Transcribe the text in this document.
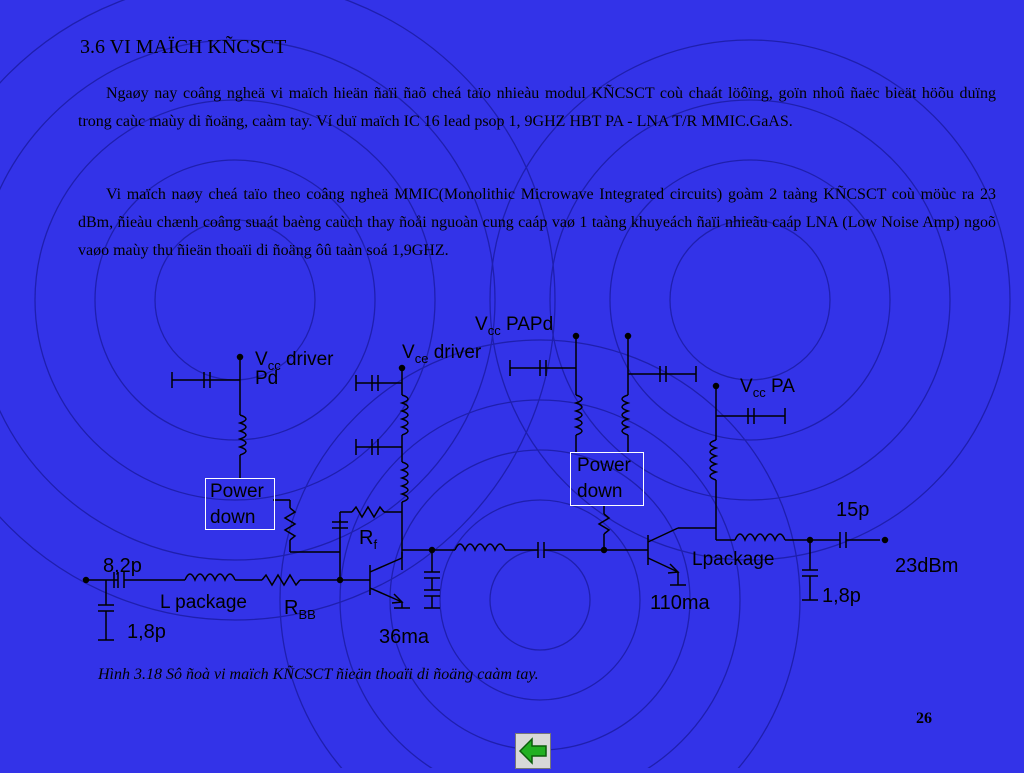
3.6 VI MAÏCH KÑCSCT

Ngaøy nay coâng ngheä vi maïch hieän ñaïi ñaõ cheá taïo nhieàu modul KÑCSCT coù chaát löôïng, goïn nhoû ñaëc bieät höõu duïng trong caùc maùy di ñoäng, caàm tay. Ví duï maïch IC 16 lead psop 1, 9GHZ HBT PA - LNA T/R MMIC.GaAS.

Vi maïch naøy cheá taïo theo coâng ngheä MMIC(Monolithic Microwave Integrated circuits) goàm 2 taàng KÑCSCT coù möùc ra 23 dBm, ñieàu chænh coâng suaát baèng caùch thay ñoåi nguoàn cung caáp vaø 1 taàng khuyeách ñaïi nhieãu caáp LNA (Low Noise Amp) ngoõ vaøo maùy thu ñieän thoaïi di ñoäng ôû taàn soá 1,9GHZ.

$V_{cc}$ driver
Pd
$V_{ce}$ driver
$V_{cc}$ PAPd
$V_{cc}$ PA
Power
down
Power
down
$R_f$
$R_{BB}$
8,2p
L package
1,8p	36ma
110ma
Lpackage
15p
1,8p
23dBm
Hình 3.18 Sô ñoà vi maïch KÑCSCT ñieän thoaïi di ñoäng caàm tay.
26
